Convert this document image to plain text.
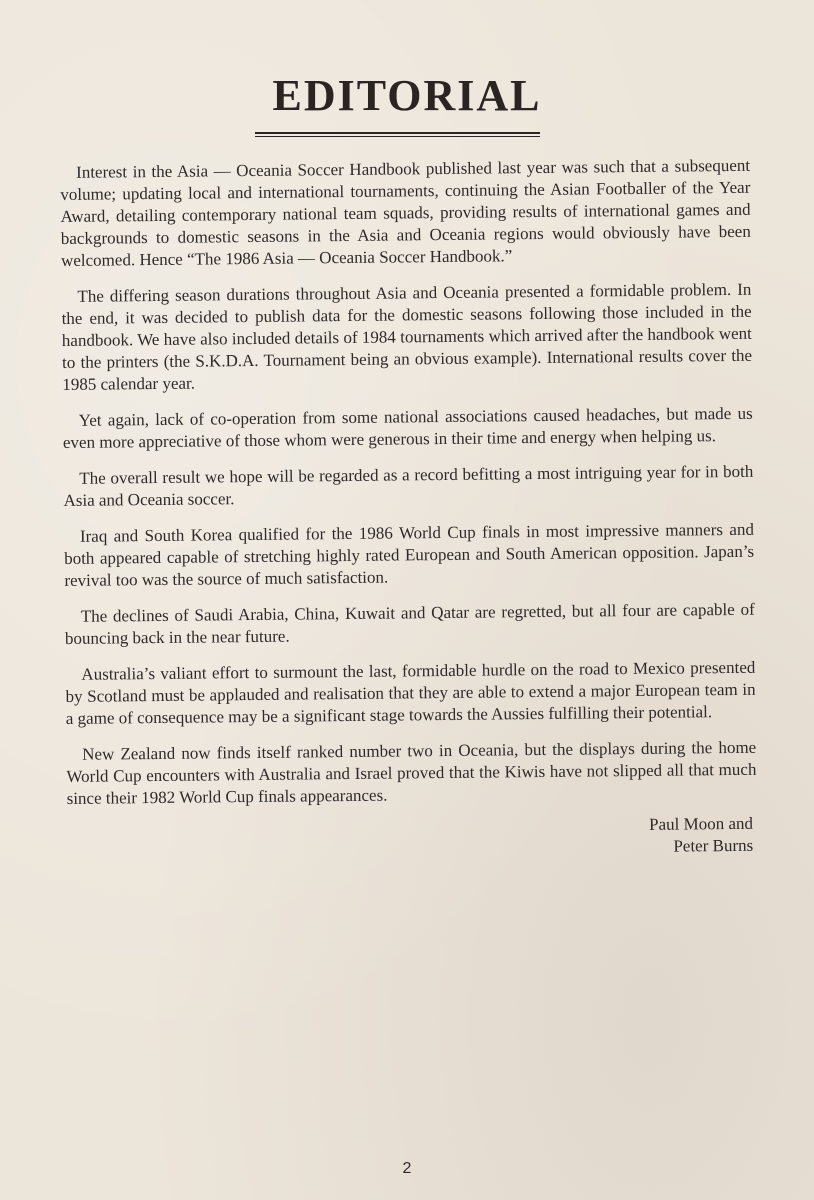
EDITORIAL

Interest in the Asia — Oceania Soccer Handbook published last year was such that a subsequent volume; updating local and international tournaments, continuing the Asian Footballer of the Year Award, detailing contemporary national team squads, providing results of international games and backgrounds to domestic seasons in the Asia and Oceania regions would obviously have been welcomed. Hence “The 1986 Asia — Oceania Soccer Handbook.”

The differing season durations throughout Asia and Oceania presented a formidable problem. In the end, it was decided to publish data for the domestic seasons following those included in the handbook. We have also included details of 1984 tournaments which arrived after the handbook went to the printers (the S.K.D.A. Tournament being an obvious example). International results cover the 1985 calendar year.

Yet again, lack of co-operation from some national associations caused headaches, but made us even more appreciative of those whom were generous in their time and energy when helping us.

The overall result we hope will be regarded as a record befitting a most intriguing year for in both Asia and Oceania soccer.

Iraq and South Korea qualified for the 1986 World Cup finals in most impressive manners and both appeared capable of stretching highly rated European and South American opposition. Japan’s revival too was the source of much satisfaction.

The declines of Saudi Arabia, China, Kuwait and Qatar are regretted, but all four are capable of bouncing back in the near future.

Australia’s valiant effort to surmount the last, formidable hurdle on the road to Mexico presented by Scotland must be applauded and realisation that they are able to extend a major European team in a game of consequence may be a significant stage towards the Aussies fulfilling their potential.

New Zealand now finds itself ranked number two in Oceania, but the displays during the home World Cup encounters with Australia and Israel proved that the Kiwis have not slipped all that much since their 1982 World Cup finals appearances.

Paul Moon and
Peter Burns
2
